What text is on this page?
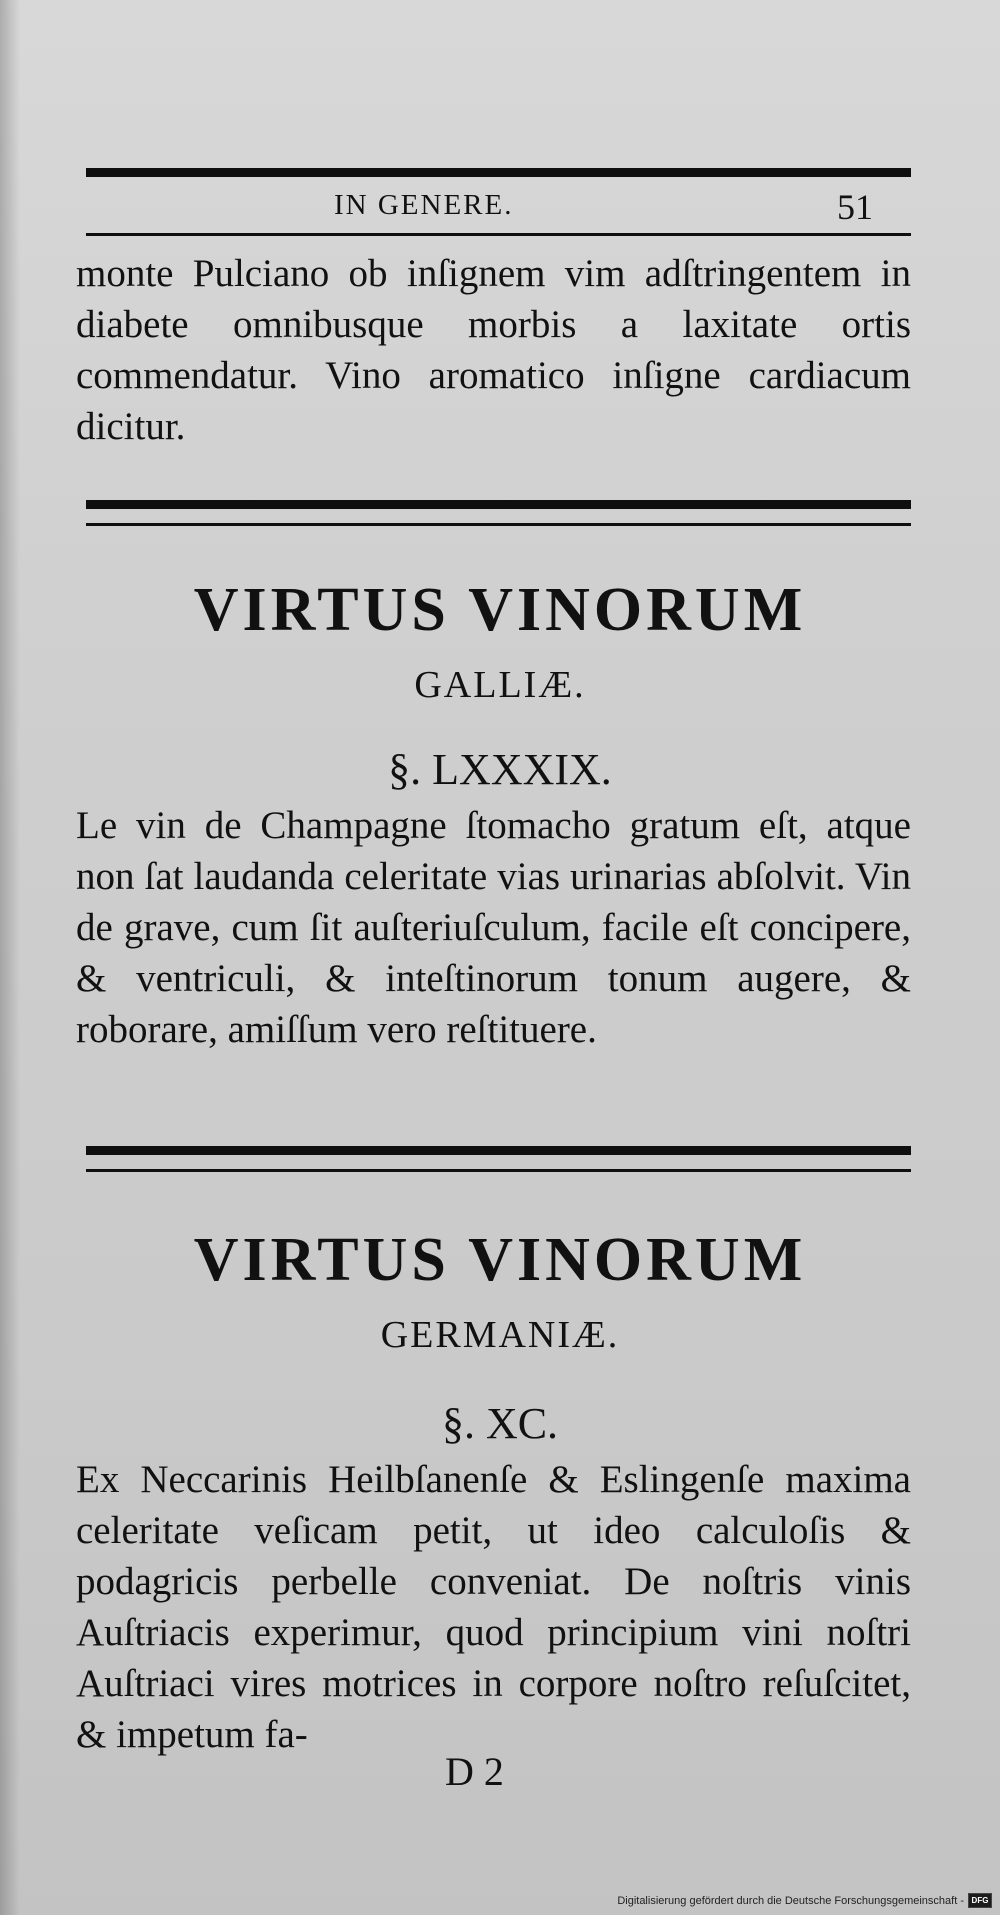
IN GENERE.	51
monte Pulciano ob inſignem vim adſtringentem in diabete omnibusque morbis a laxitate ortis commendatur. Vino aromatico inſigne cardiacum dicitur.
VIRTUS VINORUM
GALLIÆ.
§. LXXXIX.
Le vin de Champagne ſtomacho gratum eſt, atque non ſat laudanda celeritate vias urinarias abſolvit. Vin de grave, cum ſit auſteriuſculum, facile eſt concipere, & ventriculi, & inteſtinorum tonum augere, & roborare, amiſſum vero reſtituere.
VIRTUS VINORUM
GERMANIÆ.
§. XC.
Ex Neccarinis Heilbſanenſe & Eslingenſe maxima celeritate veſicam petit, ut ideo calculoſis & podagricis perbelle conveniat. De noſtris vinis Auſtriacis experimur, quod principium vini noſtri Auſtriaci vires motrices in corpore noſtro reſuſcitet, & impetum fa-
D 2
Digitalisierung gefördert durch die Deutsche Forschungsgemeinschaft - DFG
